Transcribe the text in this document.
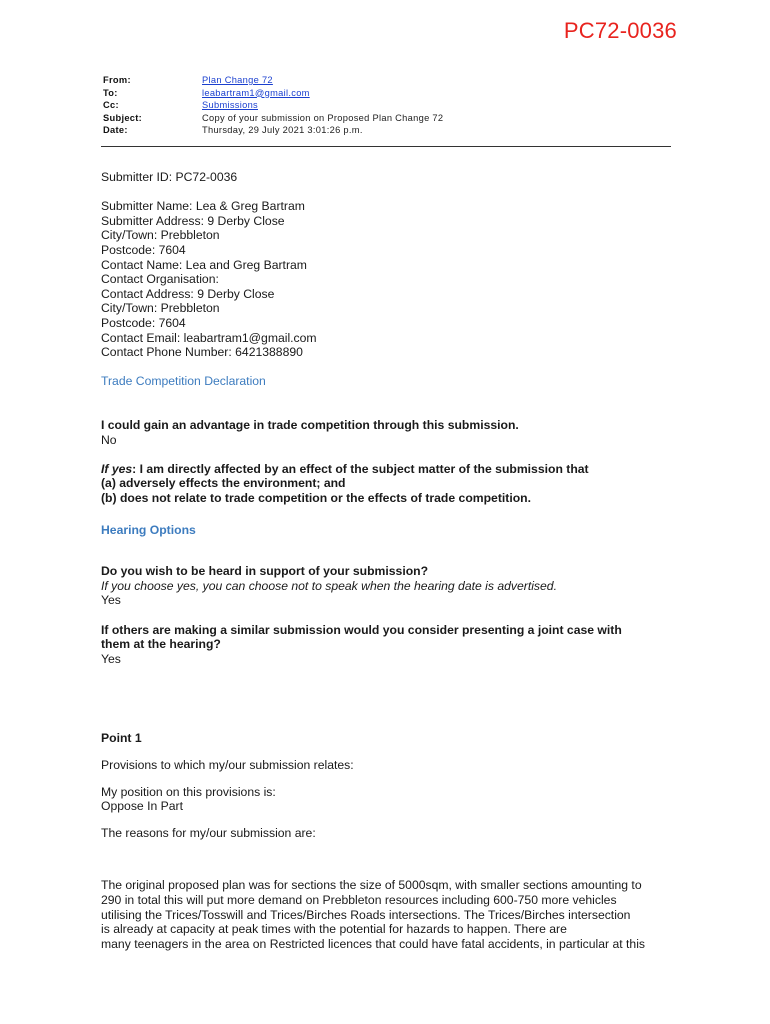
PC72-0036
From:	Plan Change 72
To:	leabartram1@gmail.com
Cc:	Submissions
Subject:	Copy of your submission on Proposed Plan Change 72
Date:	Thursday, 29 July 2021 3:01:26 p.m.
Submitter ID: PC72-0036
Submitter Name: Lea & Greg Bartram
Submitter Address: 9 Derby Close
City/Town: Prebbleton
Postcode: 7604
Contact Name: Lea and Greg Bartram
Contact Organisation:
Contact Address: 9 Derby Close
City/Town: Prebbleton
Postcode: 7604
Contact Email: leabartram1@gmail.com
Contact Phone Number: 6421388890
Trade Competition Declaration
I could gain an advantage in trade competition through this submission.
No
If yes: I am directly affected by an effect of the subject matter of the submission that
(a) adversely effects the environment; and
(b) does not relate to trade competition or the effects of trade competition.
Hearing Options
Do you wish to be heard in support of your submission?
If you choose yes, you can choose not to speak when the hearing date is advertised.
Yes
If others are making a similar submission would you consider presenting a joint case with
them at the hearing?
Yes
Point 1
Provisions to which my/our submission relates:
My position on this provisions is:
Oppose In Part
The reasons for my/our submission are:
The original proposed plan was for sections the size of 5000sqm, with smaller sections amounting to
290 in total this will put more demand on Prebbleton resources including 600-750 more vehicles
utilising the Trices/Tosswill and Trices/Birches Roads intersections. The Trices/Birches intersection
is already at capacity at peak times with the potential for hazards to happen. There are
many teenagers in the area on Restricted licences that could have fatal accidents, in particular at this
